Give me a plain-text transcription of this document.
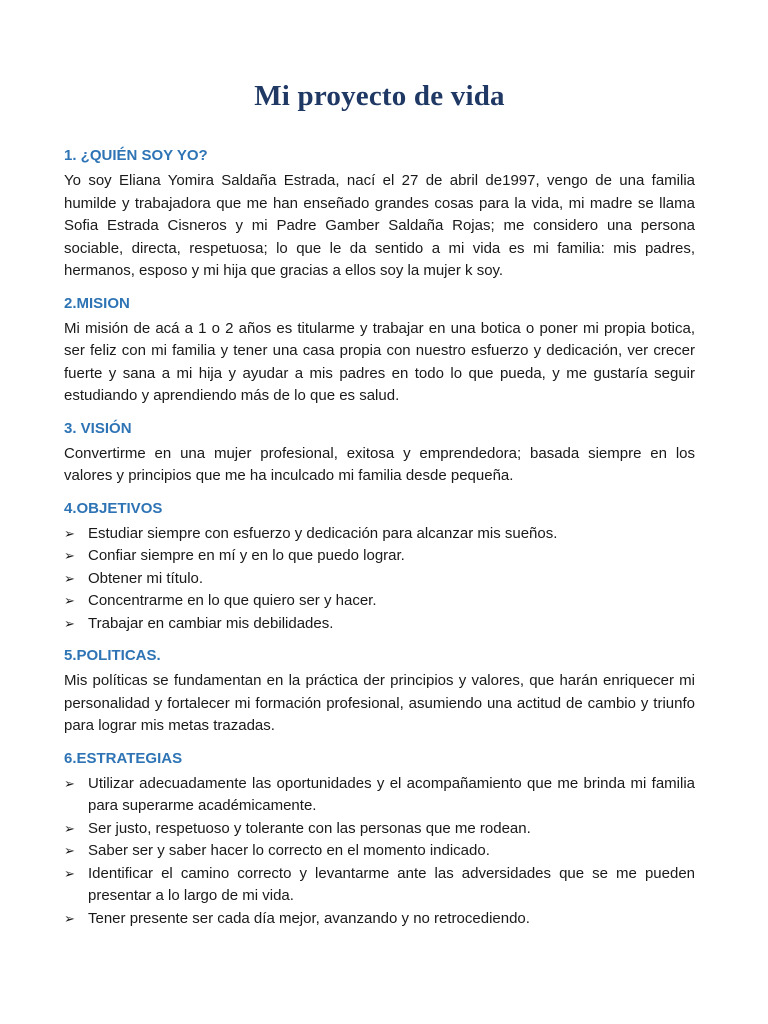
Mi proyecto de vida
1. ¿QUIÉN SOY YO?

Yo soy Eliana Yomira Saldaña Estrada, nací el 27 de abril de1997, vengo de una familia humilde y trabajadora que me han enseñado grandes cosas para la vida, mi madre se llama Sofia Estrada Cisneros y mi Padre Gamber Saldaña Rojas; me considero una persona sociable, directa, respetuosa; lo que le da sentido a mi vida es mi familia: mis padres, hermanos, esposo y mi hija que gracias a ellos soy la mujer k soy.

2.MISION

Mi misión de acá a 1 o 2 años es titularme y trabajar en una botica o poner mi propia botica, ser feliz con mi familia y tener una casa propia con nuestro esfuerzo y dedicación, ver crecer fuerte y sana a mi hija y ayudar a mis padres en todo lo que pueda, y me gustaría seguir estudiando y aprendiendo más de lo que es salud.

3. VISIÓN

Convertirme en una mujer profesional, exitosa y emprendedora; basada siempre en los valores y principios que me ha inculcado mi familia desde pequeña.

4.OBJETIVOS
➢ Estudiar siempre con esfuerzo y dedicación para alcanzar mis sueños.
➢ Confiar siempre en mí y en lo que puedo lograr.
➢ Obtener mi título.
➢ Concentrarme en lo que quiero ser y hacer.
➢ Trabajar en cambiar mis debilidades.
5.POLITICAS.

Mis políticas se fundamentan en la práctica der principios y valores, que harán enriquecer mi personalidad y fortalecer mi formación profesional, asumiendo una actitud de cambio y triunfo para lograr mis metas trazadas.

6.ESTRATEGIAS
➢ Utilizar adecuadamente las oportunidades y el acompañamiento que me brinda mi familia para superarme académicamente.
➢ Ser justo, respetuoso y tolerante con las personas que me rodean.
➢ Saber ser y saber hacer lo correcto en el momento indicado.
➢ Identificar el camino correcto y levantarme ante las adversidades que se me pueden presentar a lo largo de mi vida.
➢ Tener presente ser cada día mejor, avanzando y no retrocediendo.
